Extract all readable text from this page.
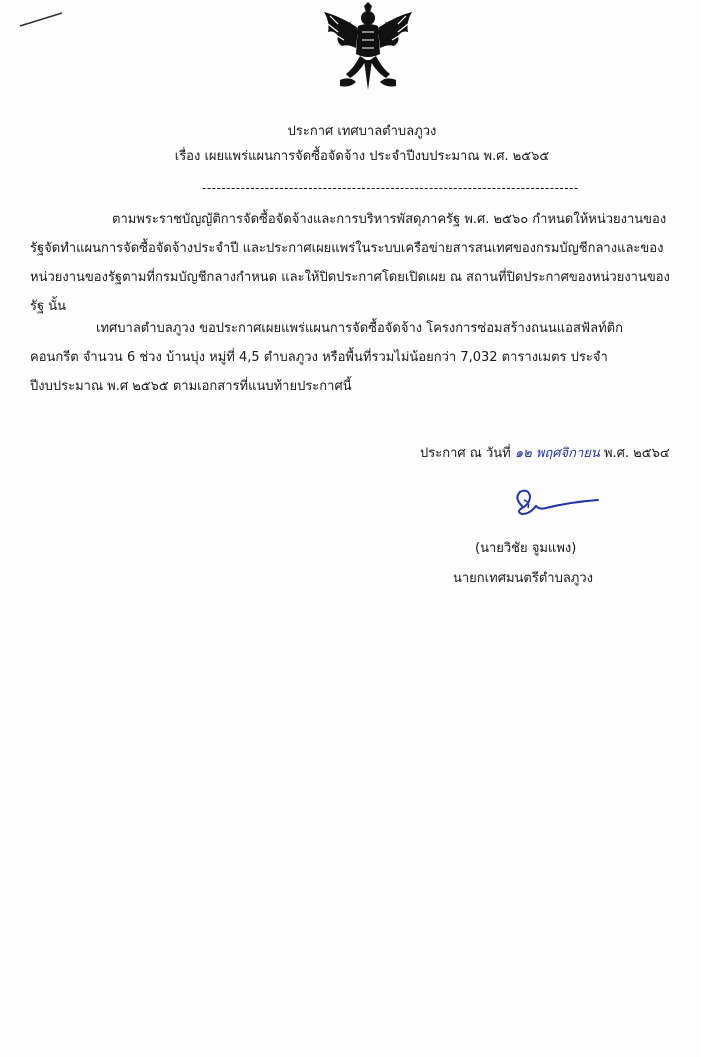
ประกาศ เทศบาลตำบลภูวง
เรื่อง เผยแพร่แผนการจัดซื้อจัดจ้าง ประจำปีงบประมาณ พ.ศ. ๒๕๖๕
------------------------------------------------------------------------------
ตามพระราชบัญญัติการจัดซื้อจัดจ้างและการบริหารพัสดุภาครัฐ พ.ศ. ๒๕๖๐ กำหนดให้หน่วยงานของรัฐจัดทำแผนการจัดซื้อจัดจ้างประจำปี และประกาศเผยแพร่ในระบบเครือข่ายสารสนเทศของกรมบัญชีกลางและของหน่วยงานของรัฐตามที่กรมบัญชีกลางกำหนด และให้ปิดประกาศโดยเปิดเผย ณ สถานที่ปิดประกาศของหน่วยงานของรัฐ นั้น
เทศบาลตำบลภูวง ขอประกาศเผยแพร่แผนการจัดซื้อจัดจ้าง โครงการซ่อมสร้างถนนแอสฟัลท์ติกคอนกรีต จำนวน 6 ช่วง บ้านบุ่ง หมู่ที่ 4,5 ตำบลภูวง หรือพื้นที่รวมไม่น้อยกว่า 7,032 ตารางเมตร ประจำปีงบประมาณ พ.ศ ๒๕๖๕ ตามเอกสารที่แนบท้ายประกาศนี้
ประกาศ ณ วันที่ ๑๒ พฤศจิกายน พ.ศ. ๒๕๖๔
(นายวิชัย จูมแพง)
นายกเทศมนตรีตำบลภูวง
